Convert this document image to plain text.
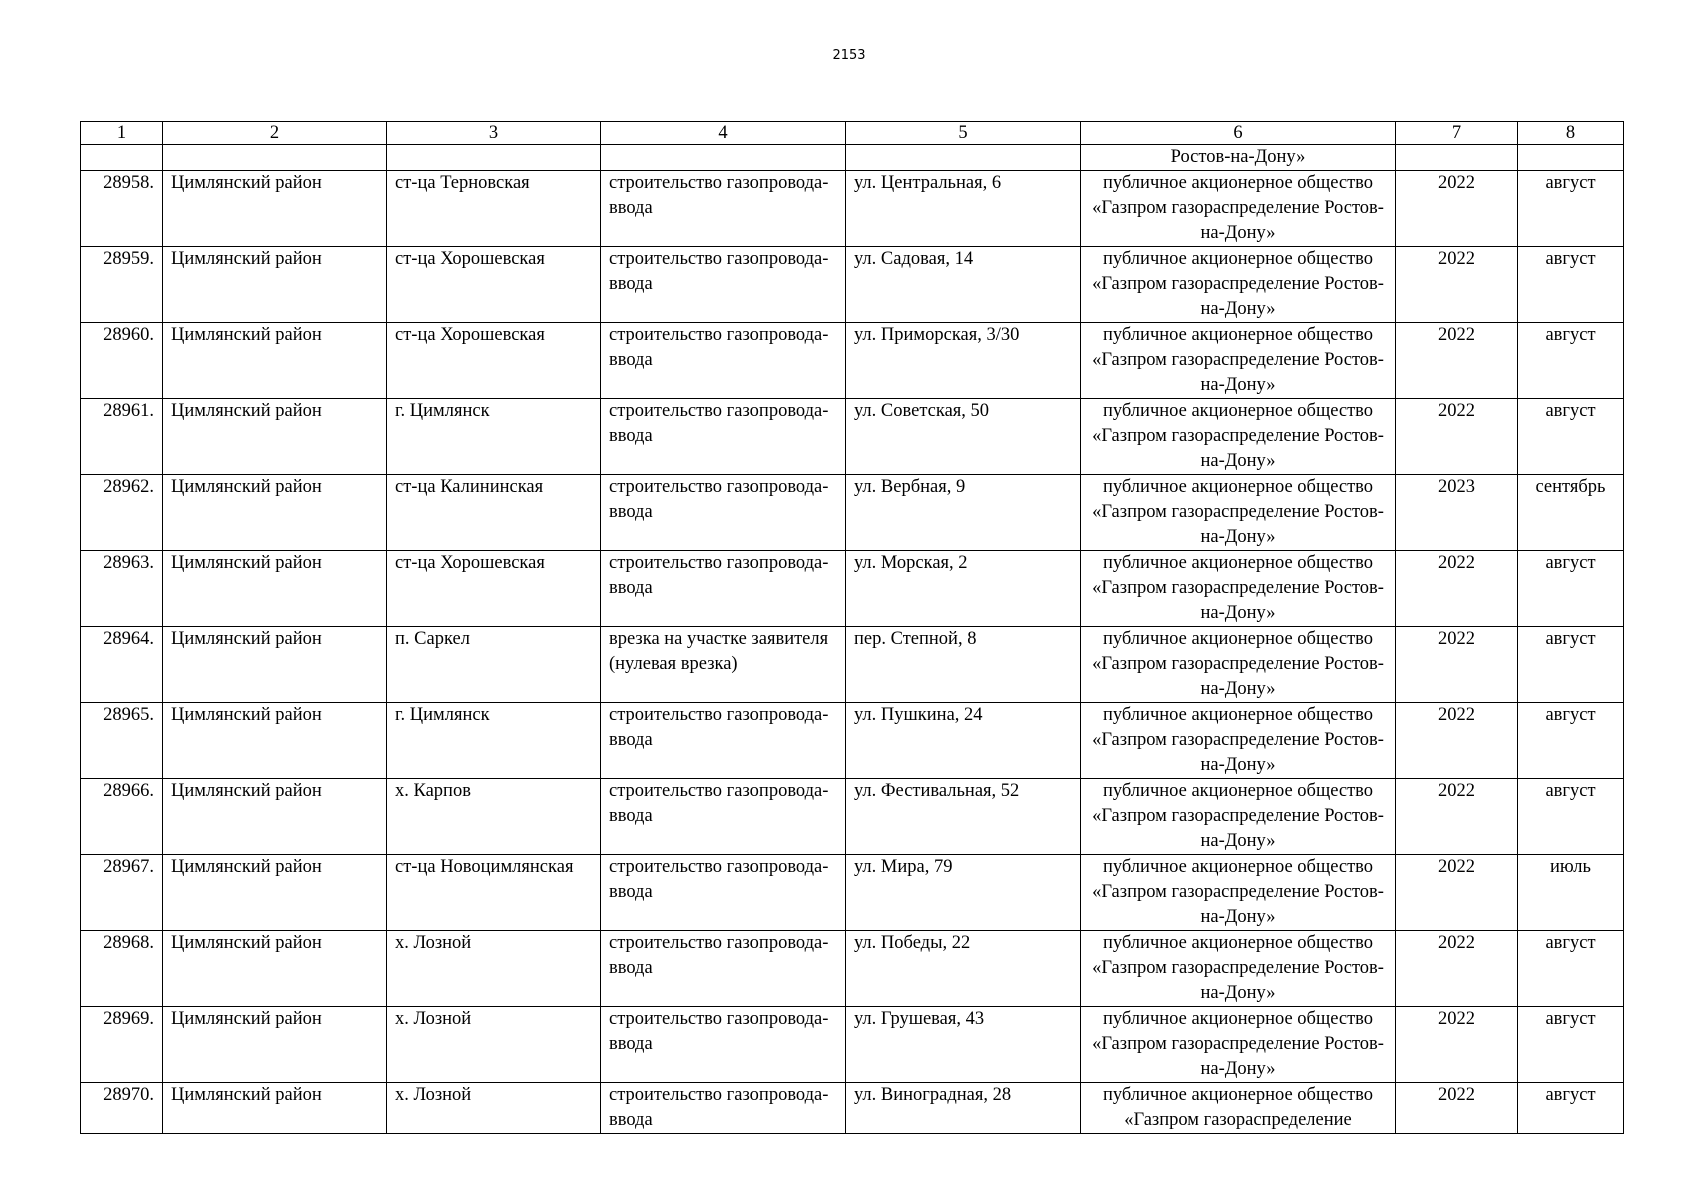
2153
1	2	3	4	5	6	7	8
					Ростов-на-Дону»		
28958.	Цимлянский район	ст-ца Терновская	строительство газопровода-ввода	ул. Центральная, 6	публичное акционерное общество «Газпром газораспределение Ростов-на-Дону»	2022	август
28959.	Цимлянский район	ст-ца Хорошевская	строительство газопровода-ввода	ул. Садовая, 14	публичное акционерное общество «Газпром газораспределение Ростов-на-Дону»	2022	август
28960.	Цимлянский район	ст-ца Хорошевская	строительство газопровода-ввода	ул. Приморская, 3/30	публичное акционерное общество «Газпром газораспределение Ростов-на-Дону»	2022	август
28961.	Цимлянский район	г. Цимлянск	строительство газопровода-ввода	ул. Советская, 50	публичное акционерное общество «Газпром газораспределение Ростов-на-Дону»	2022	август
28962.	Цимлянский район	ст-ца Калининская	строительство газопровода-ввода	ул. Вербная, 9	публичное акционерное общество «Газпром газораспределение Ростов-на-Дону»	2023	сентябрь
28963.	Цимлянский район	ст-ца Хорошевская	строительство газопровода-ввода	ул. Морская, 2	публичное акционерное общество «Газпром газораспределение Ростов-на-Дону»	2022	август
28964.	Цимлянский район	п. Саркел	врезка на участке заявителя (нулевая врезка)	пер. Степной, 8	публичное акционерное общество «Газпром газораспределение Ростов-на-Дону»	2022	август
28965.	Цимлянский район	г. Цимлянск	строительство газопровода-ввода	ул. Пушкина, 24	публичное акционерное общество «Газпром газораспределение Ростов-на-Дону»	2022	август
28966.	Цимлянский район	х. Карпов	строительство газопровода-ввода	ул. Фестивальная, 52	публичное акционерное общество «Газпром газораспределение Ростов-на-Дону»	2022	август
28967.	Цимлянский район	ст-ца Новоцимлянская	строительство газопровода-ввода	ул. Мира, 79	публичное акционерное общество «Газпром газораспределение Ростов-на-Дону»	2022	июль
28968.	Цимлянский район	х. Лозной	строительство газопровода-ввода	ул. Победы, 22	публичное акционерное общество «Газпром газораспределение Ростов-на-Дону»	2022	август
28969.	Цимлянский район	х. Лозной	строительство газопровода-ввода	ул. Грушевая, 43	публичное акционерное общество «Газпром газораспределение Ростов-на-Дону»	2022	август
28970.	Цимлянский район	х. Лозной	строительство газопровода-ввода	ул. Виноградная, 28	публичное акционерное общество «Газпром газораспределение	2022	август
